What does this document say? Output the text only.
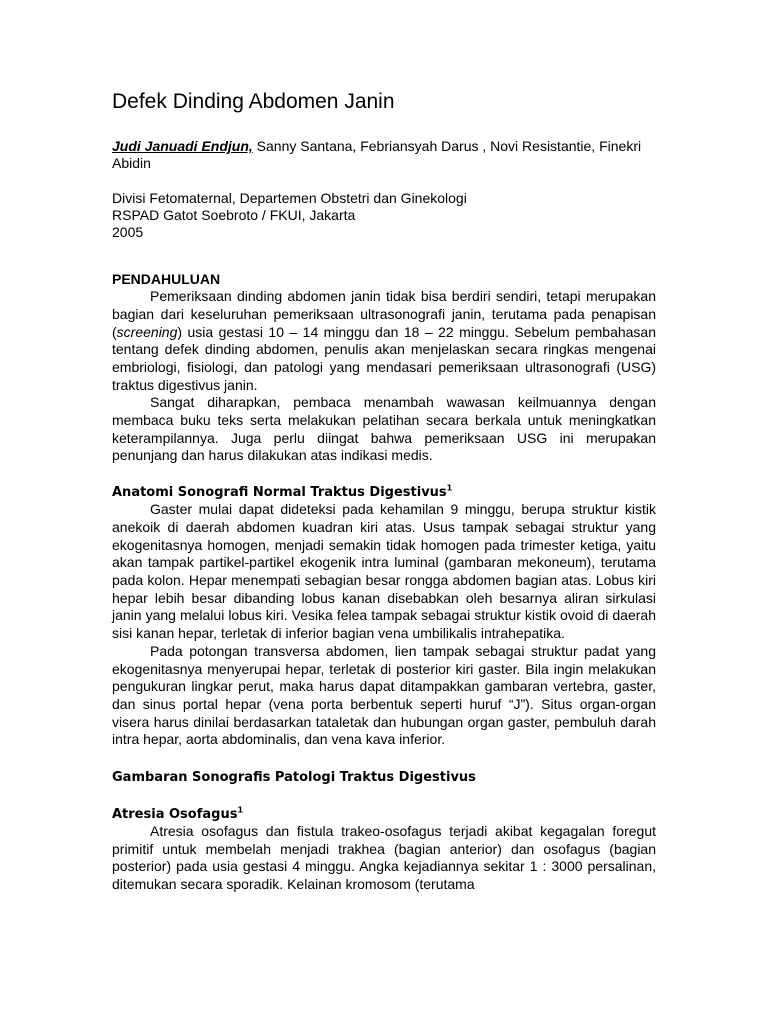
Defek Dinding Abdomen Janin
Judi Januadi Endjun, Sanny Santana, Febriansyah Darus , Novi Resistantie, Finekri Abidin
Divisi Fetomaternal, Departemen Obstetri dan Ginekologi
RSPAD Gatot Soebroto / FKUI, Jakarta
2005
PENDAHULUAN

Pemeriksaan dinding abdomen janin tidak bisa berdiri sendiri, tetapi merupakan bagian dari keseluruhan pemeriksaan ultrasonografi janin, terutama pada penapisan (screening) usia gestasi 10 – 14 minggu dan 18 – 22 minggu. Sebelum pembahasan tentang defek dinding abdomen, penulis akan menjelaskan secara ringkas mengenai embriologi, fisiologi, dan patologi yang mendasari pemeriksaan ultrasonografi (USG) traktus digestivus janin.

Sangat diharapkan, pembaca menambah wawasan keilmuannya dengan membaca buku teks serta melakukan pelatihan secara berkala untuk meningkatkan keterampilannya. Juga perlu diingat bahwa pemeriksaan USG ini merupakan penunjang dan harus dilakukan atas indikasi medis.

Anatomi Sonografi Normal Traktus Digestivus$^1$

Gaster mulai dapat dideteksi pada kehamilan 9 minggu, berupa struktur kistik anekoik di daerah abdomen kuadran kiri atas. Usus tampak sebagai struktur yang ekogenitasnya homogen, menjadi semakin tidak homogen pada trimester ketiga, yaitu akan tampak partikel-partikel ekogenik intra luminal (gambaran mekoneum), terutama pada kolon. Hepar menempati sebagian besar rongga abdomen bagian atas. Lobus kiri hepar lebih besar dibanding lobus kanan disebabkan oleh besarnya aliran sirkulasi janin yang melalui lobus kiri. Vesika felea tampak sebagai struktur kistik ovoid di daerah sisi kanan hepar, terletak di inferior bagian vena umbilikalis intrahepatika.

Pada potongan transversa abdomen, lien tampak sebagai struktur padat yang ekogenitasnya menyerupai hepar, terletak di posterior kiri gaster. Bila ingin melakukan pengukuran lingkar perut, maka harus dapat ditampakkan gambaran vertebra, gaster, dan sinus portal hepar (vena porta berbentuk seperti huruf “J”). Situs organ-organ visera harus dinilai berdasarkan tataletak dan hubungan organ gaster, pembuluh darah intra hepar, aorta abdominalis, dan vena kava inferior.

Gambaran Sonografis Patologi Traktus Digestivus
Atresia Osofagus$^1$

Atresia osofagus dan fistula trakeo-osofagus terjadi akibat kegagalan foregut primitif untuk membelah menjadi trakhea (bagian anterior) dan osofagus (bagian posterior) pada usia gestasi 4 minggu. Angka kejadiannya sekitar 1 : 3000 persalinan, ditemukan secara sporadik. Kelainan kromosom (terutama
